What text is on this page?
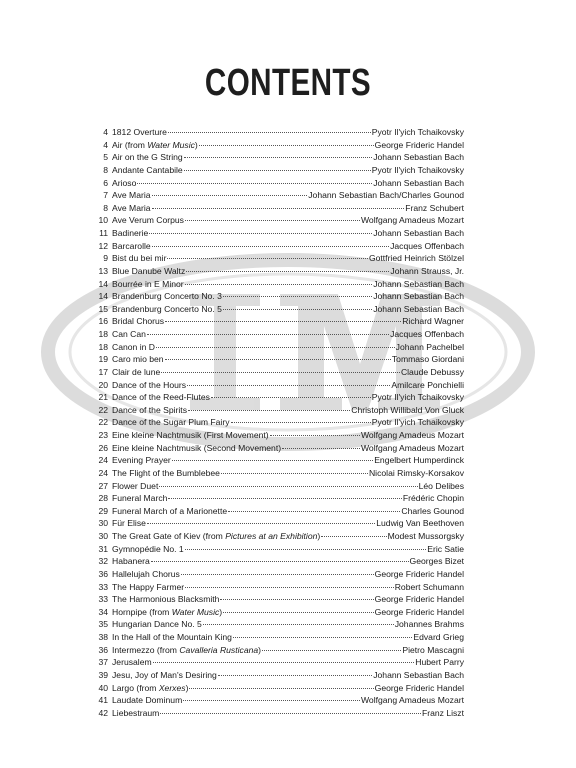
CONTENTS
4 1812 Overture	Pyotr Il'yich Tchaikovsky
4 Air (from Water Music)	George Frideric Handel
5 Air on the G String	Johann Sebastian Bach
8 Andante Cantabile	Pyotr Il'yich Tchaikovsky
6 Arioso	Johann Sebastian Bach
7 Ave Maria	Johann Sebastian Bach/Charles Gounod
8 Ave Maria	Franz Schubert
10 Ave Verum Corpus	Wolfgang Amadeus Mozart
11 Badinerie	Johann Sebastian Bach
12 Barcarolle	Jacques Offenbach
9 Bist du bei mir	Gottfried Heinrich Stölzel
13 Blue Danube Waltz	Johann Strauss, Jr.
14 Bourrée in E Minor	Johann Sebastian Bach
14 Brandenburg Concerto No. 3	Johann Sebastian Bach
15 Brandenburg Concerto No. 5	Johann Sebastian Bach
16 Bridal Chorus	Richard Wagner
18 Can Can	Jacques Offenbach
18 Canon in D	Johann Pachelbel
19 Caro mio ben	Tommaso Giordani
17 Clair de lune	Claude Debussy
20 Dance of the Hours	Amilcare Ponchielli
21 Dance of the Reed-Flutes	Pyotr Il'yich Tchaikovsky
22 Dance of the Spirits	Christoph Willibald Von Gluck
22 Dance of the Sugar Plum Fairy	Pyotr Il'yich Tchaikovsky
23 Eine kleine Nachtmusik (First Movement)	Wolfgang Amadeus Mozart
26 Eine kleine Nachtmusik (Second Movement)	Wolfgang Amadeus Mozart
24 Evening Prayer	Engelbert Humperdinck
24 The Flight of the Bumblebee	Nicolai Rimsky-Korsakov
27 Flower Duet	Léo Delibes
28 Funeral March	Frédéric Chopin
29 Funeral March of a Marionette	Charles Gounod
30 Für Elise	Ludwig Van Beethoven
30 The Great Gate of Kiev (from Pictures at an Exhibition)	Modest Mussorgsky
31 Gymnopédie No. 1	Eric Satie
32 Habanera	Georges Bizet
36 Hallelujah Chorus	George Frideric Handel
33 The Happy Farmer	Robert Schumann
33 The Harmonious Blacksmith	George Frideric Handel
34 Hornpipe (from Water Music)	George Frideric Handel
35 Hungarian Dance No. 5	Johannes Brahms
38 In the Hall of the Mountain King	Edvard Grieg
36 Intermezzo (from Cavalleria Rusticana)	Pietro Mascagni
37 Jerusalem	Hubert Parry
39 Jesu, Joy of Man's Desiring	Johann Sebastian Bach
40 Largo (from Xerxes)	George Frideric Handel
41 Laudate Dominum	Wolfgang Amadeus Mozart
42 Liebestraum	Franz Liszt
